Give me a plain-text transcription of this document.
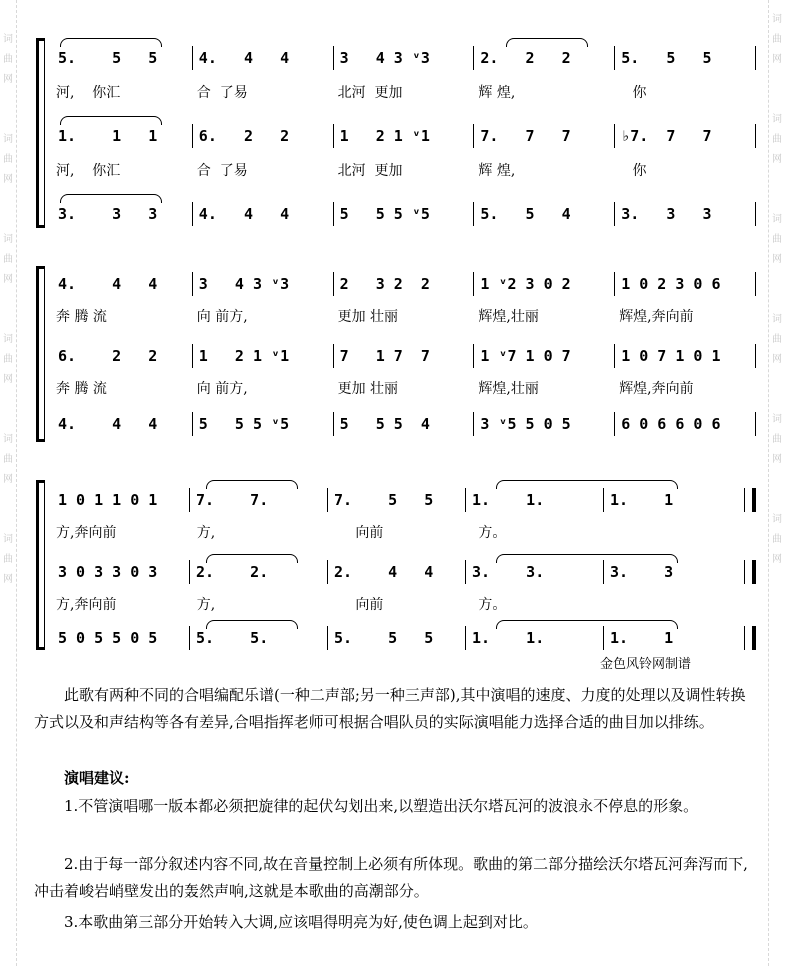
词曲网
词曲网
词曲网
词曲网
词曲网
词曲网
词曲网
词曲网
词曲网
词曲网
词曲网
词曲网
5.    5   5	4.   4   4	3   4 3 ᵛ3	2.   2   2	5.   5   5
河,    你汇	合  了易	北河  更加	辉 煌,	你
1.    1   1	6.   2   2	1   2 1 ᵛ1	7.   7   7	♭7.  7   7
河,    你汇	合  了易	北河  更加	辉 煌,	你
3.    3   3	4.   4   4	5   5 5 ᵛ5	5.   5   4	3.   3   3
4.    4   4	3   4 3 ᵛ3	2   3 2  2	1 ᵛ2 3 0 2	1 0 2 3 0 6
奔 腾 流	向 前方,	更加 壮丽	辉煌,壮丽	辉煌,奔向前
6.    2   2	1   2 1 ᵛ1	7   1 7  7	1 ᵛ7 1 0 7	1 0 7 1 0 1
奔 腾 流	向 前方,	更加 壮丽	辉煌,壮丽	辉煌,奔向前
4.    4   4	5   5 5 ᵛ5	5   5 5  4	3 ᵛ5 5 0 5	6 0 6 6 0 6
1 0 1 1 0 1	7.    7.	7.    5   5	1.    1.	1.    1
方,奔向前	方,	向前	方。
3 0 3 3 0 3	2.    2.	2.    4   4	3.    3.	3.    3
方,奔向前	方,	向前	方。
5 0 5 5 0 5	5.    5.	5.    5   5	1.    1.	1.    1
金色风铃网制谱

此歌有两种不同的合唱编配乐谱(一种二声部;另一种三声部),其中演唱的速度、力度的处理以及调性转换方式以及和声结构等各有差异,合唱指挥老师可根据合唱队员的实际演唱能力选择合适的曲目加以排练。

演唱建议:

1.不管演唱哪一版本都必须把旋律的起伏勾划出来,以塑造出沃尔塔瓦河的波浪永不停息的形象。

2.由于每一部分叙述内容不同,故在音量控制上必须有所体现。歌曲的第二部分描绘沃尔塔瓦河奔泻而下,冲击着峻岩峭壁发出的轰然声响,这就是本歌曲的高潮部分。

3.本歌曲第三部分开始转入大调,应该唱得明亮为好,使色调上起到对比。
